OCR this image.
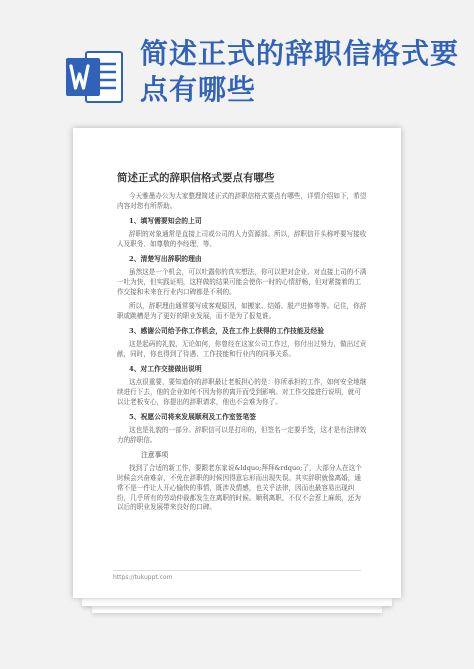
简述正式的辞职信格式要点有哪些
简述正式的辞职信格式要点有哪些

今天雅墨办公为大家整理简述正式的辞职信格式要点有哪些，详情介绍如下，希望内容对您有所帮助。

1、填写需要知会的上司

辞职的对象通常是直接上司或公司的人力资源部。所以，辞职信开头称呼要写接收人及职务、如尊敬的李经理，等。

2、清楚写出辞职的理由

虽然这是一个机会，可以吐露你的真实想法，你可以把对企业、对直接上司的不满一吐为快，但实践证明，这样做的结果可能会使你一时的心情舒畅，但对紧接着的工作交接和未来在行业内口碑都是不利的。

所以，辞职理由通常要写成客观原因，如搬家、结婚、脱产进修等等。记住，你辞职或跳槽是为了更好的职业发展，而不是为了报复谁。

3、感谢公司给予你工作机会，及在工作上获得的工作技能及经验

这是起码的礼貌，无论如何，你曾经在这家公司工作过，你付出过努力，做出过贡献，同时，你也得到了待遇、工作技能和行业内的同事关系。

4、对工作交接做出说明

这点很重要，要知道你的辞职最让老板担心的是：你所承担的工作，如何安全地继续进行下去，他的企业如何不因为你的离开而受到影响。对工作交接进行说明，就可以让老板安心，你提出的辞职请求，他也不会难为你了。

5、祝愿公司将来发展顺利及工作室签笔签

这也是礼貌的一部分。辞职信可以是打印的，但签名一定要手签，这才是有法律效力的辞职信。

注意事项

找到了合适的新工作，要跟老东家说&ldquo;拜拜&rdquo;了，大部分人在这个时候会兴奋难奈，不免在辞职的时候因得意忘形而出现失误。其实辞职就像离婚，通常不是一件让人开心愉快的事情，既涉及情感，也关乎法律，因而也最容易出现纠纷，几乎所有的劳动仲裁都发生在离职的时候。顺利离职，不仅不会惹上麻烦，还为以后的职业发展带来良好的口碑。

https://tukuppt.com
